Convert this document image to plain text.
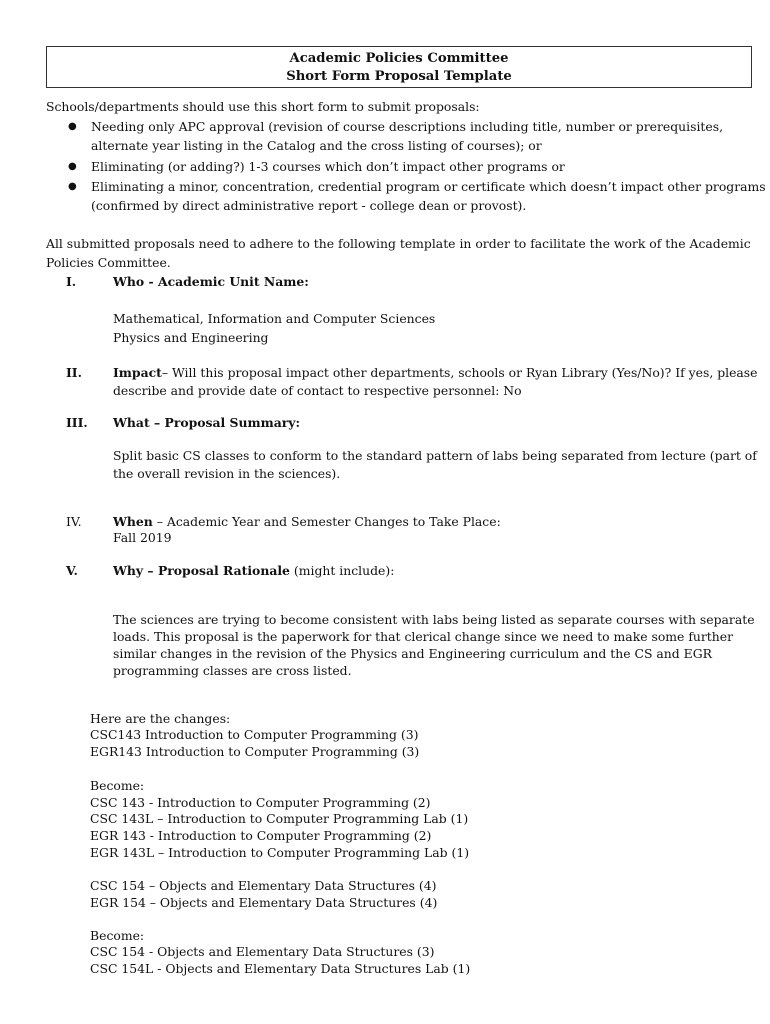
Academic Policies Committee
Short Form Proposal Template
Schools/departments should use this short form to submit proposals:
● Needing only APC approval (revision of course descriptions including title, number or prerequisites,
alternate year listing in the Catalog and the cross listing of courses); or
● Eliminating (or adding?) 1-3 courses which don’t impact other programs or
● Eliminating a minor, concentration, credential program or certificate which doesn’t impact other programs
(confirmed by direct administrative report - college dean or provost).
All submitted proposals need to adhere to the following template in order to facilitate the work of the Academic
Policies Committee.
I.	Who - Academic Unit Name:
Mathematical, Information and Computer Sciences
Physics and Engineering
II.	Impact– Will this proposal impact other departments, schools or Ryan Library (Yes/No)? If yes, please
describe and provide date of contact to respective personnel: No
III. What – Proposal Summary:
Split basic CS classes to conform to the standard pattern of labs being separated from lecture (part of
the overall revision in the sciences).
IV.	When – Academic Year and Semester Changes to Take Place:
Fall 2019
V.	Why – Proposal Rationale (might include):
The sciences are trying to become consistent with labs being listed as separate courses with separate
loads. This proposal is the paperwork for that clerical change since we need to make some further
similar changes in the revision of the Physics and Engineering curriculum and the CS and EGR
programming classes are cross listed.
Here are the changes:
CSC143 Introduction to Computer Programming (3)
EGR143 Introduction to Computer Programming (3)
Become:
CSC 143 - Introduction to Computer Programming (2)
CSC 143L – Introduction to Computer Programming Lab (1)
EGR 143 - Introduction to Computer Programming (2)
EGR 143L – Introduction to Computer Programming Lab (1)
CSC 154 – Objects and Elementary Data Structures (4)
EGR 154 – Objects and Elementary Data Structures (4)
Become:
CSC 154 - Objects and Elementary Data Structures (3)
CSC 154L - Objects and Elementary Data Structures Lab (1)
